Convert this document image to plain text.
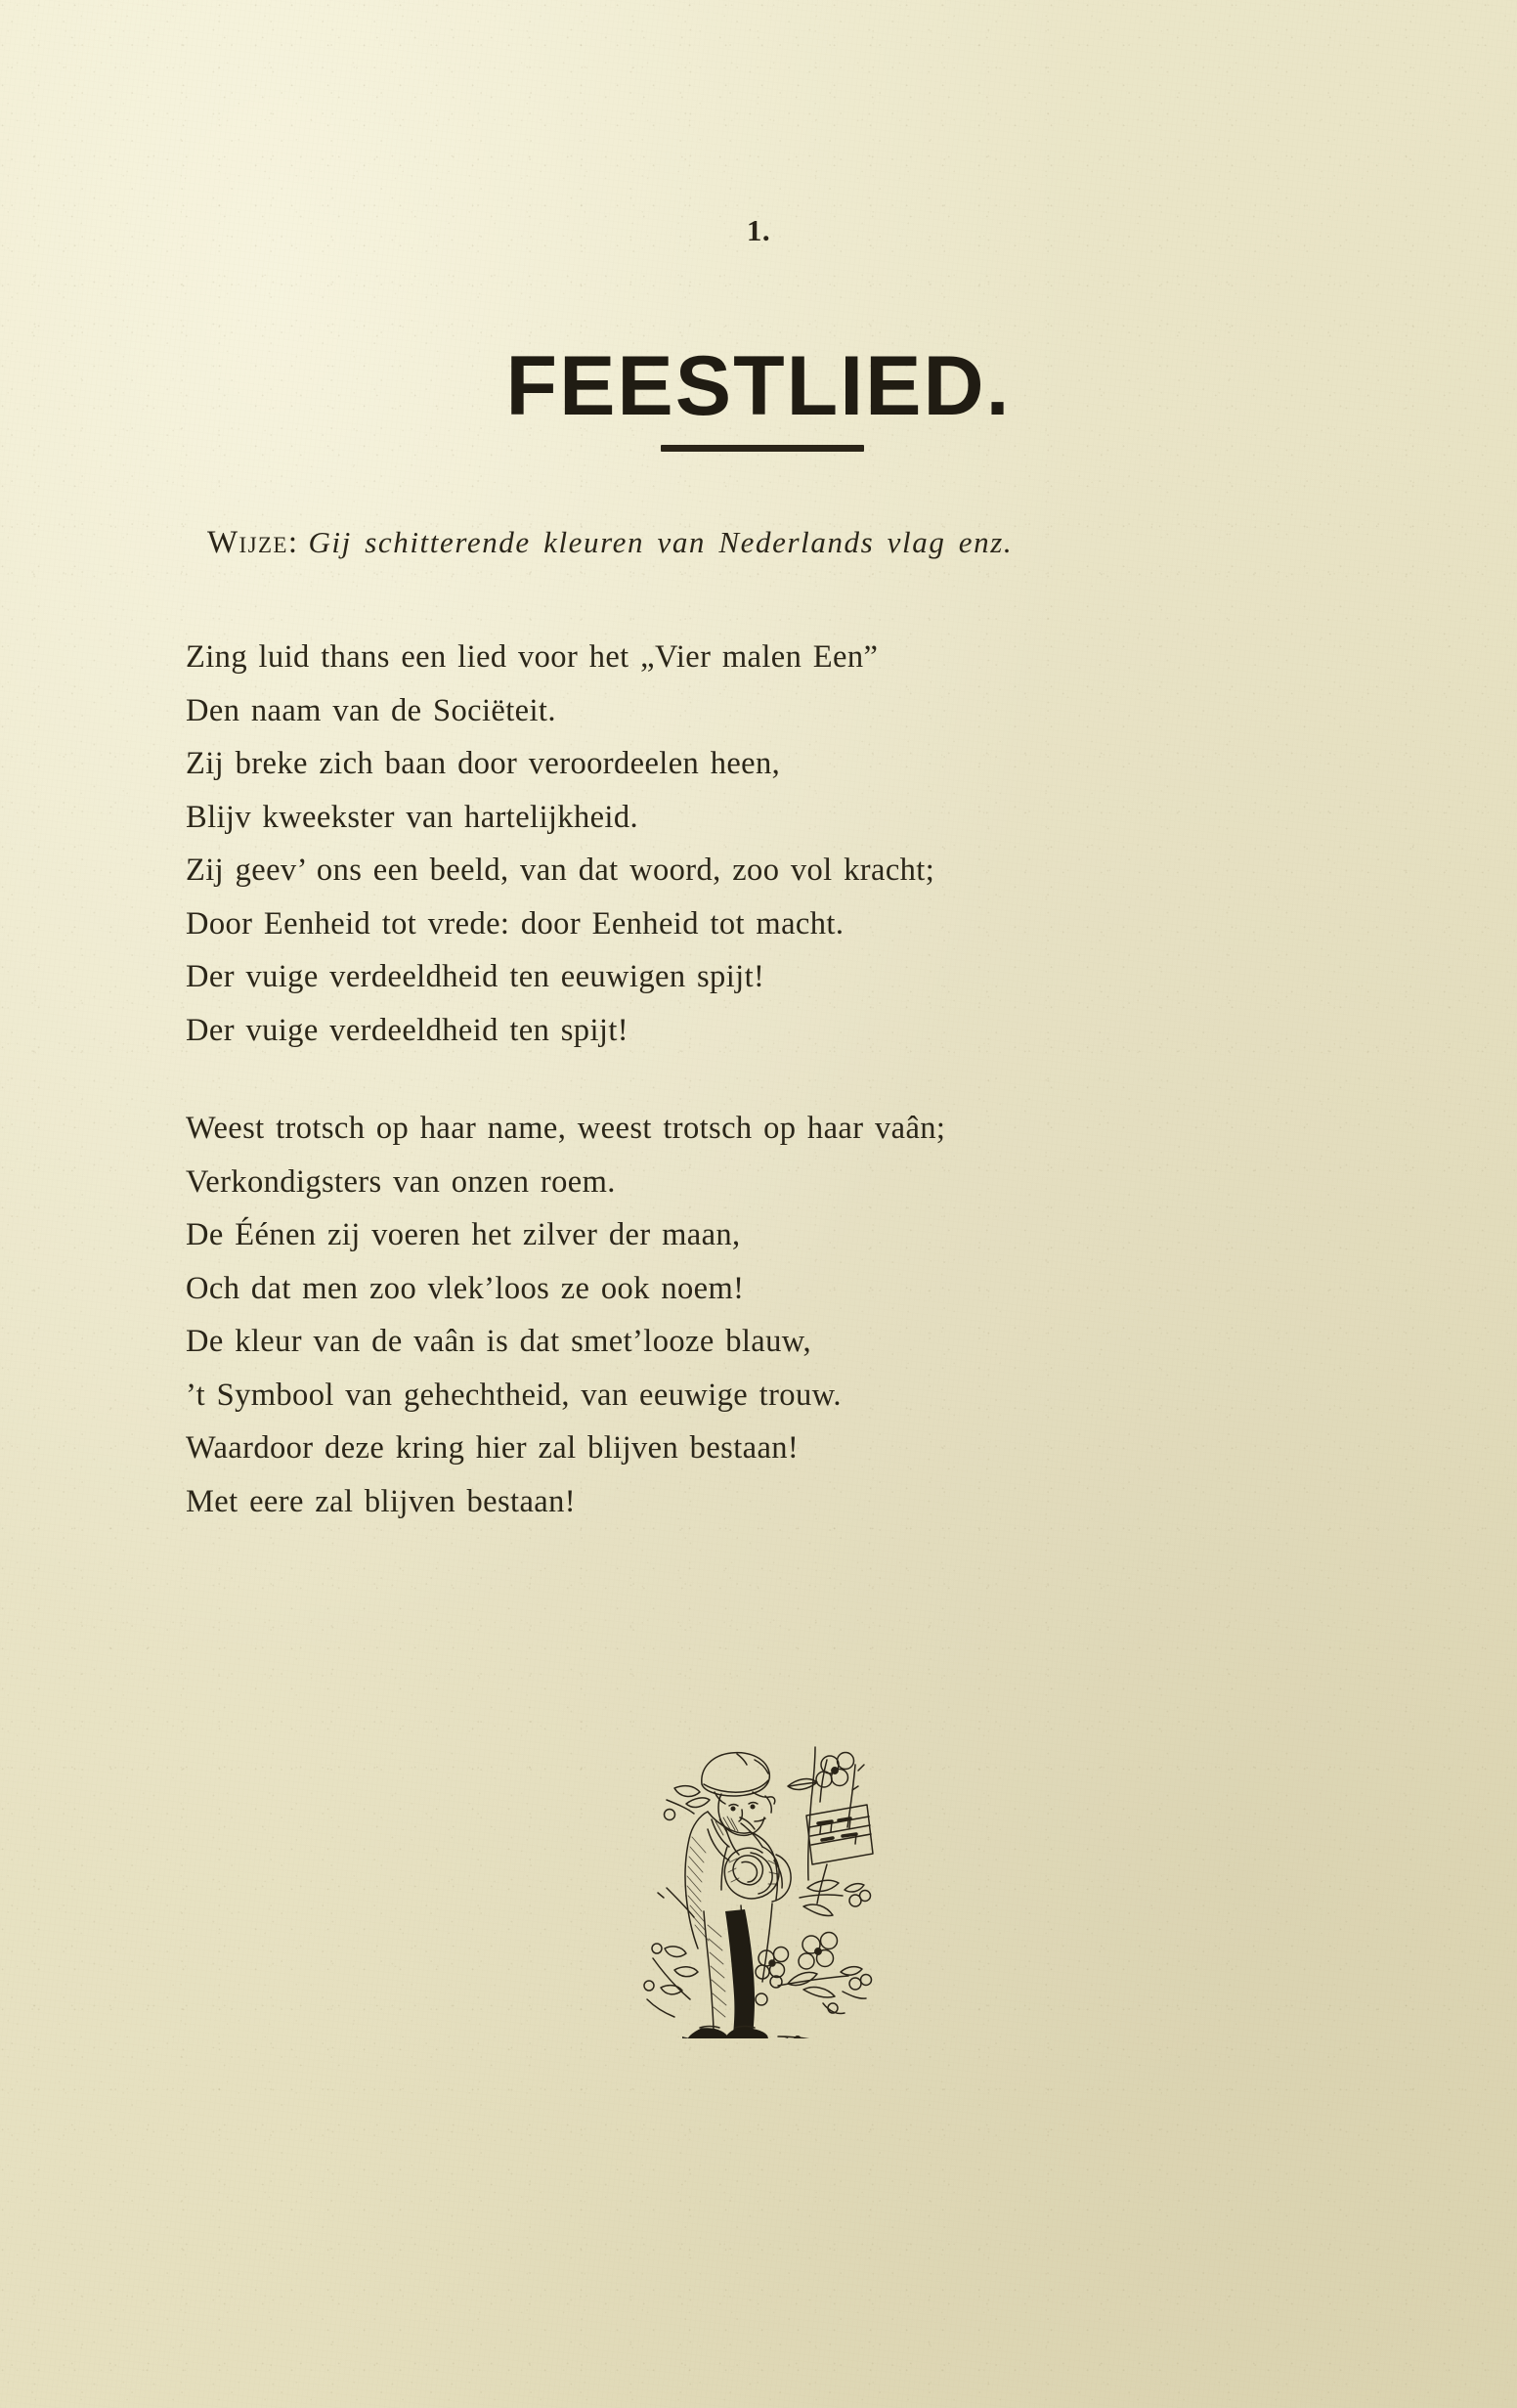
1.
FEESTLIED.
Wijze: Gij schitterende kleuren van Nederlands vlag enz.
Zing luid thans een lied voor het „Vier malen Een”
Den naam van de Sociëteit.
Zij breke zich baan door veroordeelen heen,
Blijv kweekster van hartelijkheid.
Zij geev’ ons een beeld, van dat woord, zoo vol kracht;
Door Eenheid tot vrede: door Eenheid tot macht.
Der vuige verdeeldheid ten eeuwigen spijt!
Der vuige verdeeldheid ten spijt!
Weest trotsch op haar name, weest trotsch op haar vaân;
Verkondigsters van onzen roem.
De Éénen zij voeren het zilver der maan,
Och dat men zoo vlek’loos ze ook noem!
De kleur van de vaân is dat smet’looze blauw,
’t Symbool van gehechtheid, van eeuwige trouw.
Waardoor deze kring hier zal blijven bestaan!
Met eere zal blijven bestaan!
